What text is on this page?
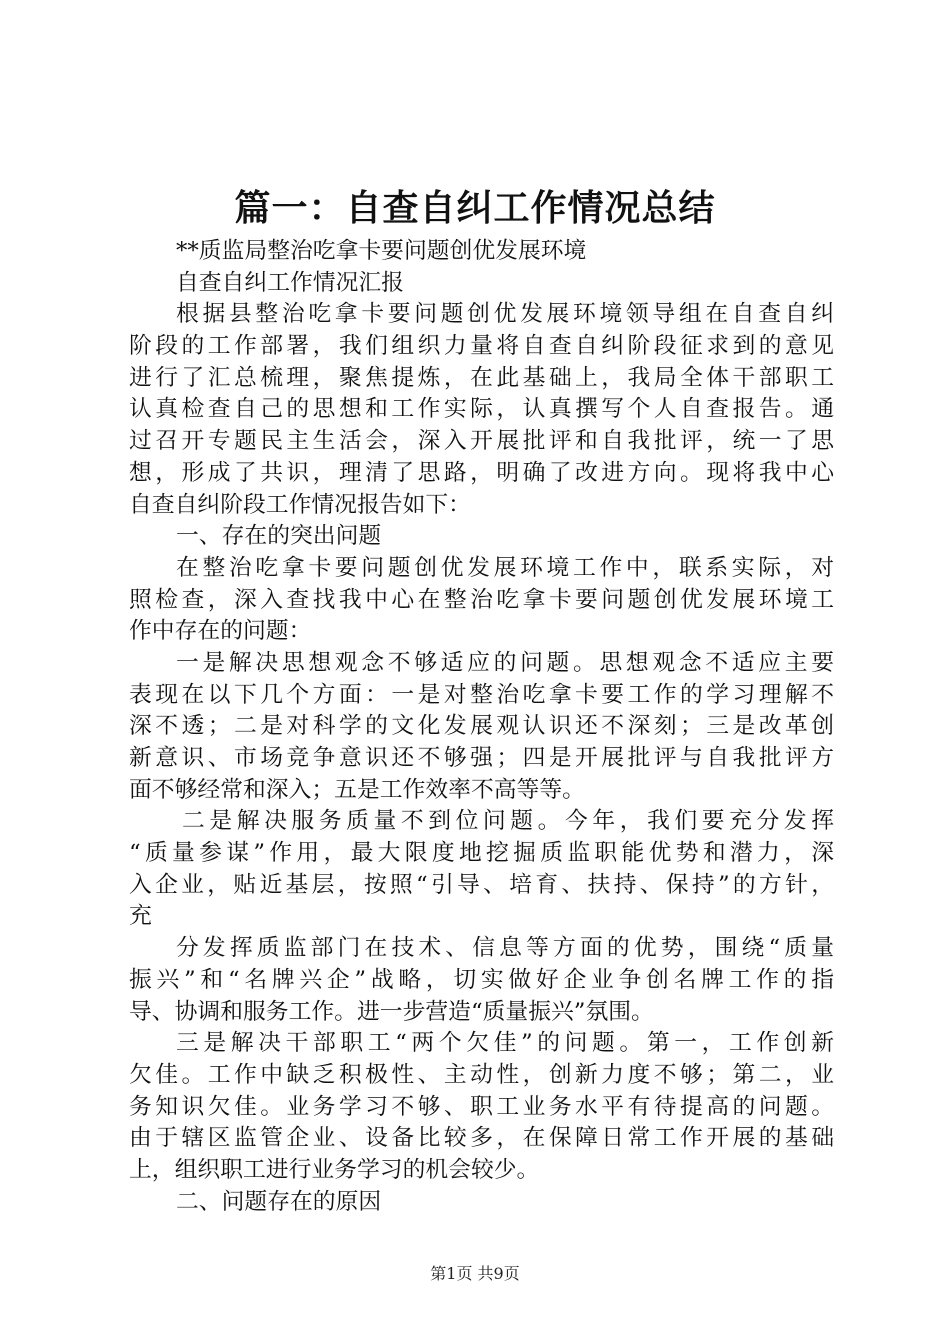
篇一：自查自纠工作情况总结
**质监局整治吃拿卡要问题创优发展环境
自查自纠工作情况汇报
根据县整治吃拿卡要问题创优发展环境领导组在自查自纠
阶段的工作部署，我们组织力量将自查自纠阶段征求到的意见
进行了汇总梳理，聚焦提炼，在此基础上，我局全体干部职工
认真检查自己的思想和工作实际，认真撰写个人自查报告。通
过召开专题民主生活会，深入开展批评和自我批评，统一了思
想，形成了共识，理清了思路，明确了改进方向。现将我中心
自查自纠阶段工作情况报告如下：
一、存在的突出问题
在整治吃拿卡要问题创优发展环境工作中，联系实际，对
照检查，深入查找我中心在整治吃拿卡要问题创优发展环境工
作中存在的问题：
一是解决思想观念不够适应的问题。思想观念不适应主要
表现在以下几个方面：一是对整治吃拿卡要工作的学习理解不
深不透；二是对科学的文化发展观认识还不深刻；三是改革创
新意识、市场竞争意识还不够强；四是开展批评与自我批评方
面不够经常和深入；五是工作效率不高等等。
二是解决服务质量不到位问题。今年，我们要充分发挥
“质量参谋”作用，最大限度地挖掘质监职能优势和潜力，深
入企业，贴近基层，按照“引导、培育、扶持、保持”的方针，
充
分发挥质监部门在技术、信息等方面的优势，围绕“质量
振兴”和“名牌兴企”战略，切实做好企业争创名牌工作的指
导、协调和服务工作。进一步营造“质量振兴”氛围。
三是解决干部职工“两个欠佳”的问题。第一，工作创新
欠佳。工作中缺乏积极性、主动性，创新力度不够；第二，业
务知识欠佳。业务学习不够、职工业务水平有待提高的问题。
由于辖区监管企业、设备比较多，在保障日常工作开展的基础
上，组织职工进行业务学习的机会较少。
二、问题存在的原因
第1页 共9页
